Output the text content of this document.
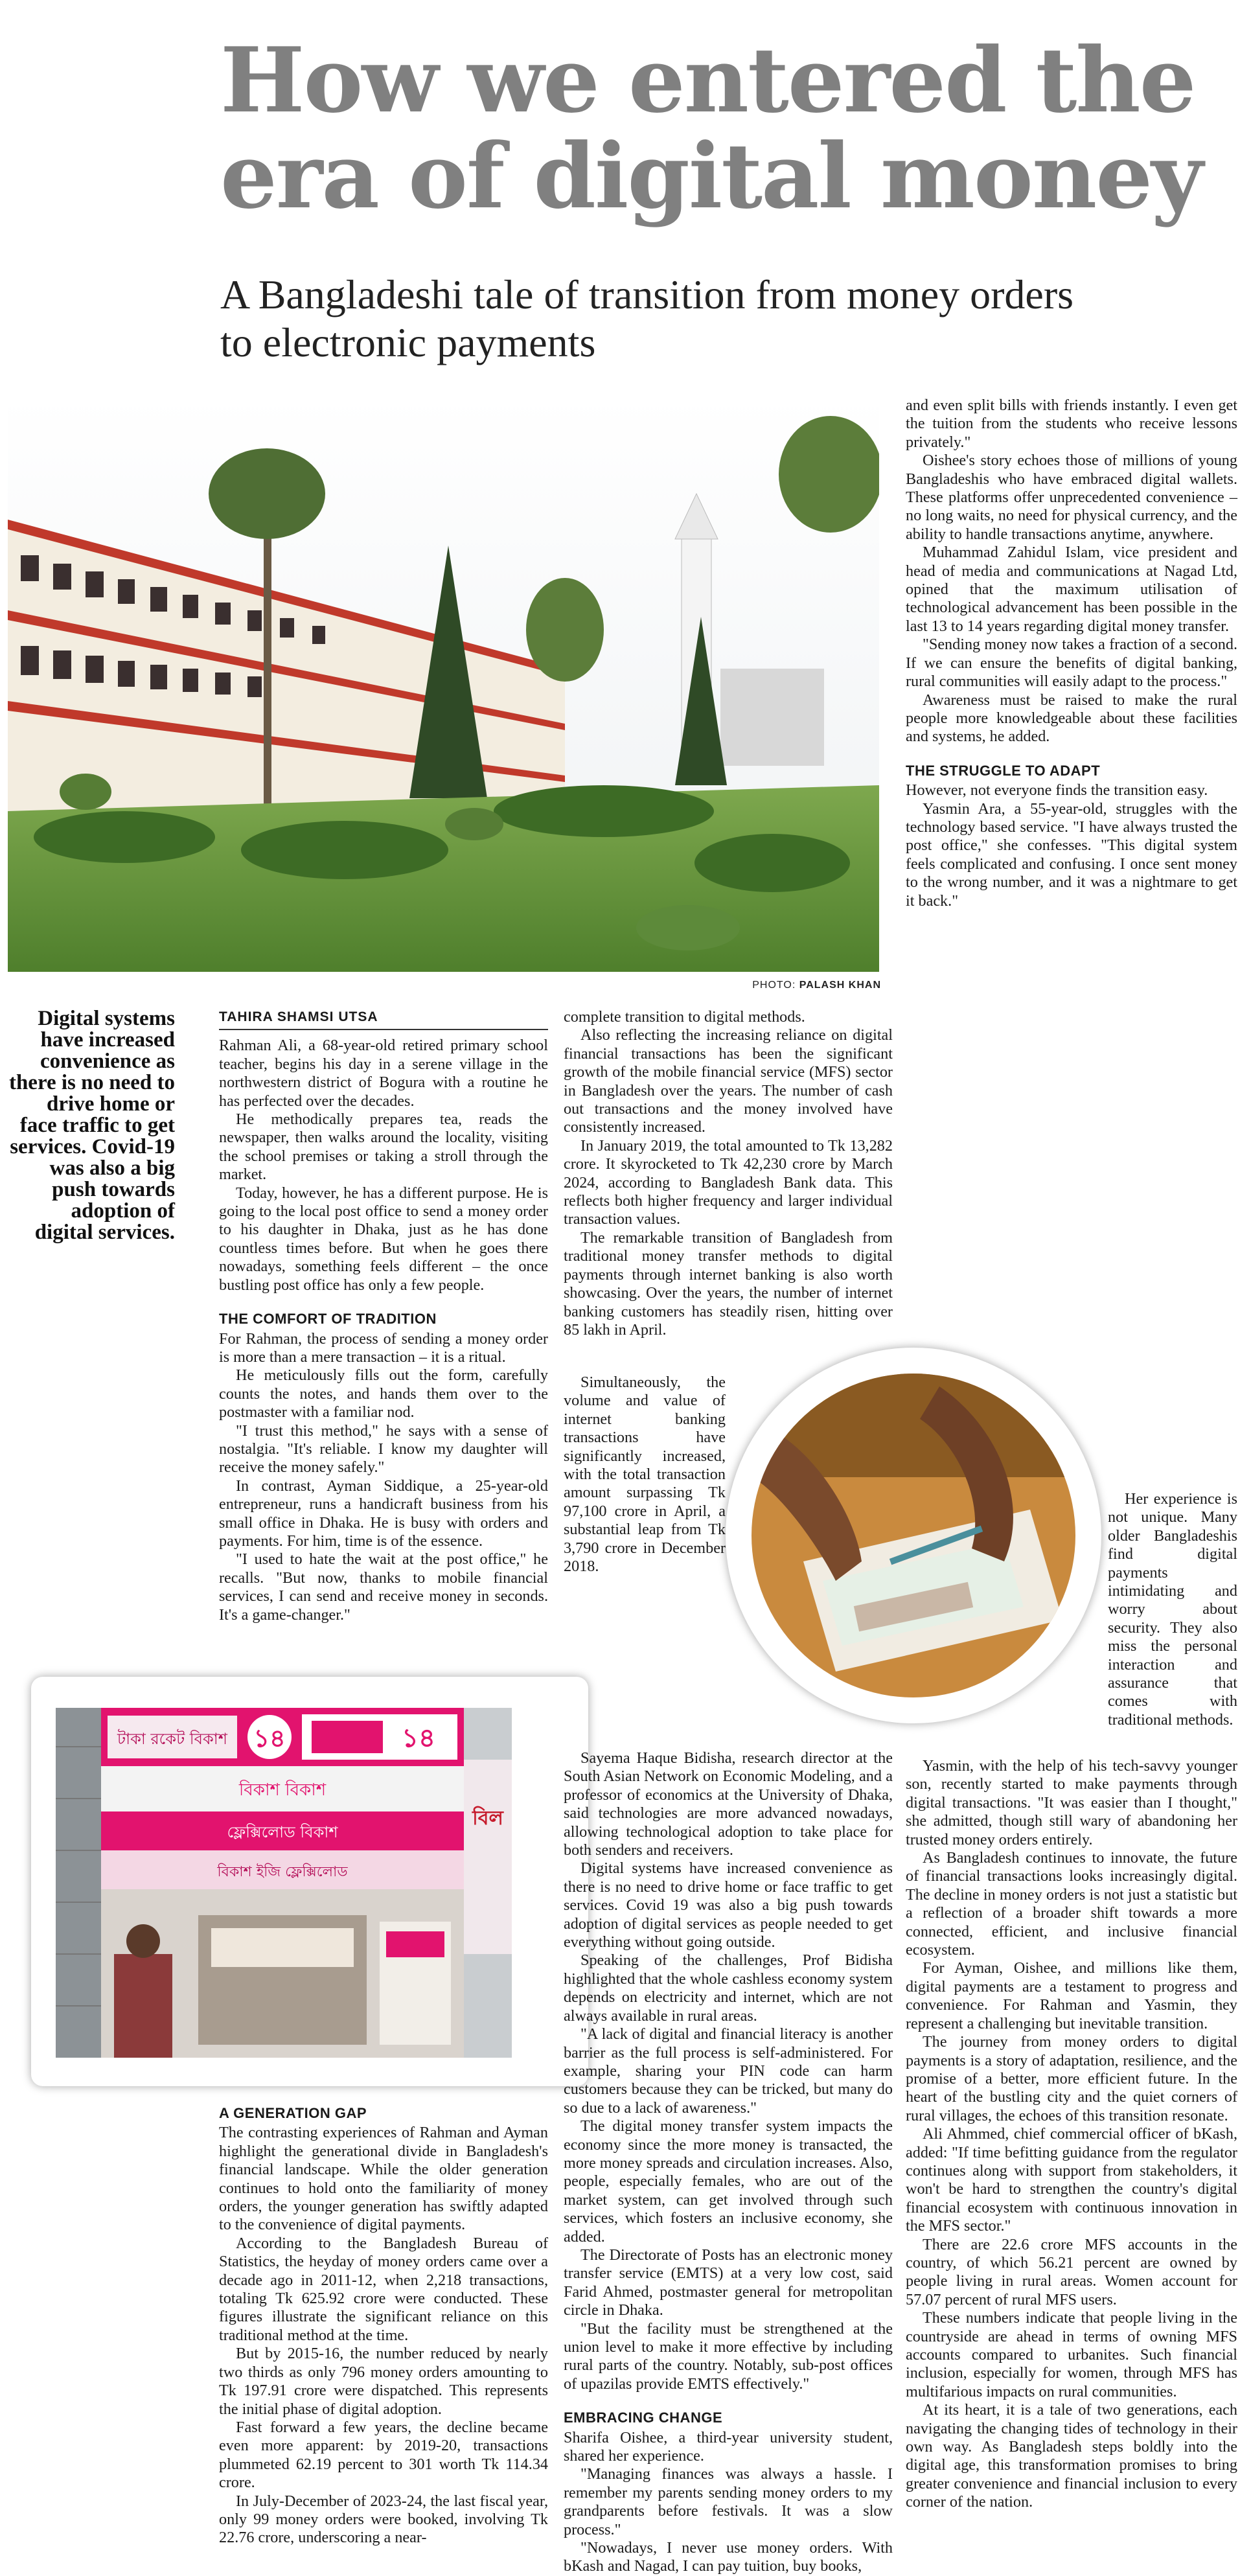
How we entered the
era of digital money
A Bangladeshi tale of transition from money orders
to electronic payments
PHOTO: PALASH KHAN
Digital systems have increased convenience as there is no need to drive home or face traffic to get services. Covid-19 was also a big push towards adoption of digital services.
TAHIRA SHAMSI UTSA

Rahman Ali, a 68-year-old retired primary school teacher, begins his day in a serene village in the northwestern district of Bogura with a routine he has perfected over the decades.

He methodically prepares tea, reads the newspaper, then walks around the locality, visiting the school premises or taking a stroll through the market.

Today, however, he has a different purpose. He is going to the local post office to send a money order to his daughter in Dhaka, just as he has done countless times before. But when he goes there nowadays, something feels different – the once bustling post office has only a few people.

THE COMFORT OF TRADITION

For Rahman, the process of sending a money order is more than a mere transaction – it is a ritual.

He meticulously fills out the form, carefully counts the notes, and hands them over to the postmaster with a familiar nod.

"I trust this method," he says with a sense of nostalgia. "It's reliable. I know my daughter will receive the money safely."

In contrast, Ayman Siddique, a 25-year-old entrepreneur, runs a handicraft business from his small office in Dhaka. He is busy with orders and payments. For him, time is of the essence.

"I used to hate the wait at the post office," he recalls. "But now, thanks to mobile financial services, I can send and receive money in seconds. It's a game-changer."

টাকা রকেট বিকাশ ১৪	১৪
বিকাশ বিকাশ
ফ্লেক্সিলোড বিকাশ
বিল
বিকাশ ইজি ফ্লেক্সিলোড
A GENERATION GAP

The contrasting experiences of Rahman and Ayman highlight the generational divide in Bangladesh's financial landscape. While the older generation continues to hold onto the familiarity of money orders, the younger generation has swiftly adapted to the convenience of digital payments.

According to the Bangladesh Bureau of Statistics, the heyday of money orders came over a decade ago in 2011-12, when 2,218 transactions, totaling Tk 625.92 crore were conducted. These figures illustrate the significant reliance on this traditional method at the time.

But by 2015-16, the number reduced by nearly two thirds as only 796 money orders amounting to Tk 197.91 crore were dispatched. This represents the initial phase of digital adoption.

Fast forward a few years, the decline became even more apparent: by 2019-20, transactions plummeted 62.19 percent to 301 worth Tk 114.34 crore.

In July-December of 2023-24, the last fiscal year, only 99 money orders were booked, involving Tk 22.76 crore, underscoring a near-

complete transition to digital methods.

Also reflecting the increasing reliance on digital financial transactions has been the significant growth of the mobile financial service (MFS) sector in Bangladesh over the years. The number of cash out transactions and the money involved have consistently increased.

In January 2019, the total amounted to Tk 13,282 crore. It skyrocketed to Tk 42,230 crore by March 2024, according to Bangladesh Bank data. This reflects both higher frequency and larger individual transaction values.

The remarkable transition of Bangladesh from traditional money transfer methods to digital payments through internet banking is also worth showcasing. Over the years, the number of internet banking customers has steadily risen, hitting over 85 lakh in April.

Simultaneously, the volume and value of internet banking transactions have significantly increased, with the total transaction amount surpassing Tk 97,100 crore in April, a substantial leap from Tk 3,790 crore in December 2018.

Sayema Haque Bidisha, research director at the South Asian Network on Economic Modeling, and a professor of economics at the University of Dhaka, said technologies are more advanced nowadays, allowing technological adoption to take place for both senders and receivers.

Digital systems have increased convenience as there is no need to drive home or face traffic to get services. Covid 19 was also a big push towards adoption of digital services as people needed to get everything without going outside.

Speaking of the challenges, Prof Bidisha highlighted that the whole cashless economy system depends on electricity and internet, which are not always available in rural areas.

"A lack of digital and financial literacy is another barrier as the full process is self-administered. For example, sharing your PIN code can harm customers because they can be tricked, but many do so due to a lack of awareness."

The digital money transfer system impacts the economy since the more money is transacted, the more money spreads and circulation increases. Also, people, especially females, who are out of the market system, can get involved through such services, which fosters an inclusive economy, she added.

The Directorate of Posts has an electronic money transfer service (EMTS) at a very low cost, said Farid Ahmed, postmaster general for metropolitan circle in Dhaka.

"But the facility must be strengthened at the union level to make it more effective by including rural parts of the country. Notably, sub-post offices of upazilas provide EMTS effectively."

EMBRACING CHANGE

Sharifa Oishee, a third-year university student, shared her experience.

"Managing finances was always a hassle. I remember my parents sending money orders to my grandparents before festivals. It was a slow process."

"Nowadays, I never use money orders. With bKash and Nagad, I can pay tuition, buy books,

and even split bills with friends instantly. I even get the tuition from the students who receive lessons privately."

Oishee's story echoes those of millions of young Bangladeshis who have embraced digital wallets. These platforms offer unprecedented convenience – no long waits, no need for physical currency, and the ability to handle transactions anytime, anywhere.

Muhammad Zahidul Islam, vice president and head of media and communications at Nagad Ltd, opined that the maximum utilisation of technological advancement has been possible in the last 13 to 14 years regarding digital money transfer.

"Sending money now takes a fraction of a second. If we can ensure the benefits of digital banking, rural communities will easily adapt to the process."

Awareness must be raised to make the rural people more knowledgeable about these facilities and systems, he added.

THE STRUGGLE TO ADAPT

However, not everyone finds the transition easy.

Yasmin Ara, a 55-year-old, struggles with the technology based service. "I have always trusted the post office," she confesses. "This digital system feels complicated and confusing. I once sent money to the wrong number, and it was a nightmare to get it back."

Her experience is not unique. Many older Bangladeshis find digital payments intimidating and worry about security. They also miss the personal interaction and assurance that comes with traditional methods.

Yasmin, with the help of his tech-savvy younger son, recently started to make payments through digital transactions. "It was easier than I thought," she admitted, though still wary of abandoning her trusted money orders entirely.

As Bangladesh continues to innovate, the future of financial transactions looks increasingly digital. The decline in money orders is not just a statistic but a reflection of a broader shift towards a more connected, efficient, and inclusive financial ecosystem.

For Ayman, Oishee, and millions like them, digital payments are a testament to progress and convenience. For Rahman and Yasmin, they represent a challenging but inevitable transition.

The journey from money orders to digital payments is a story of adaptation, resilience, and the promise of a better, more efficient future. In the heart of the bustling city and the quiet corners of rural villages, the echoes of this transition resonate.

Ali Ahmmed, chief commercial officer of bKash, added: "If time befitting guidance from the regulator continues along with support from stakeholders, it won't be hard to strengthen the country's digital financial ecosystem with continuous innovation in the MFS sector."

There are 22.6 crore MFS accounts in the country, of which 56.21 percent are owned by people living in rural areas. Women account for 57.07 percent of rural MFS users.

These numbers indicate that people living in the countryside are ahead in terms of owning MFS accounts compared to urbanites. Such financial inclusion, especially for women, through MFS has multifarious impacts on rural communities.

At its heart, it is a tale of two generations, each navigating the changing tides of technology in their own way. As Bangladesh steps boldly into the digital age, this transformation promises to bring greater convenience and financial inclusion to every corner of the nation.
